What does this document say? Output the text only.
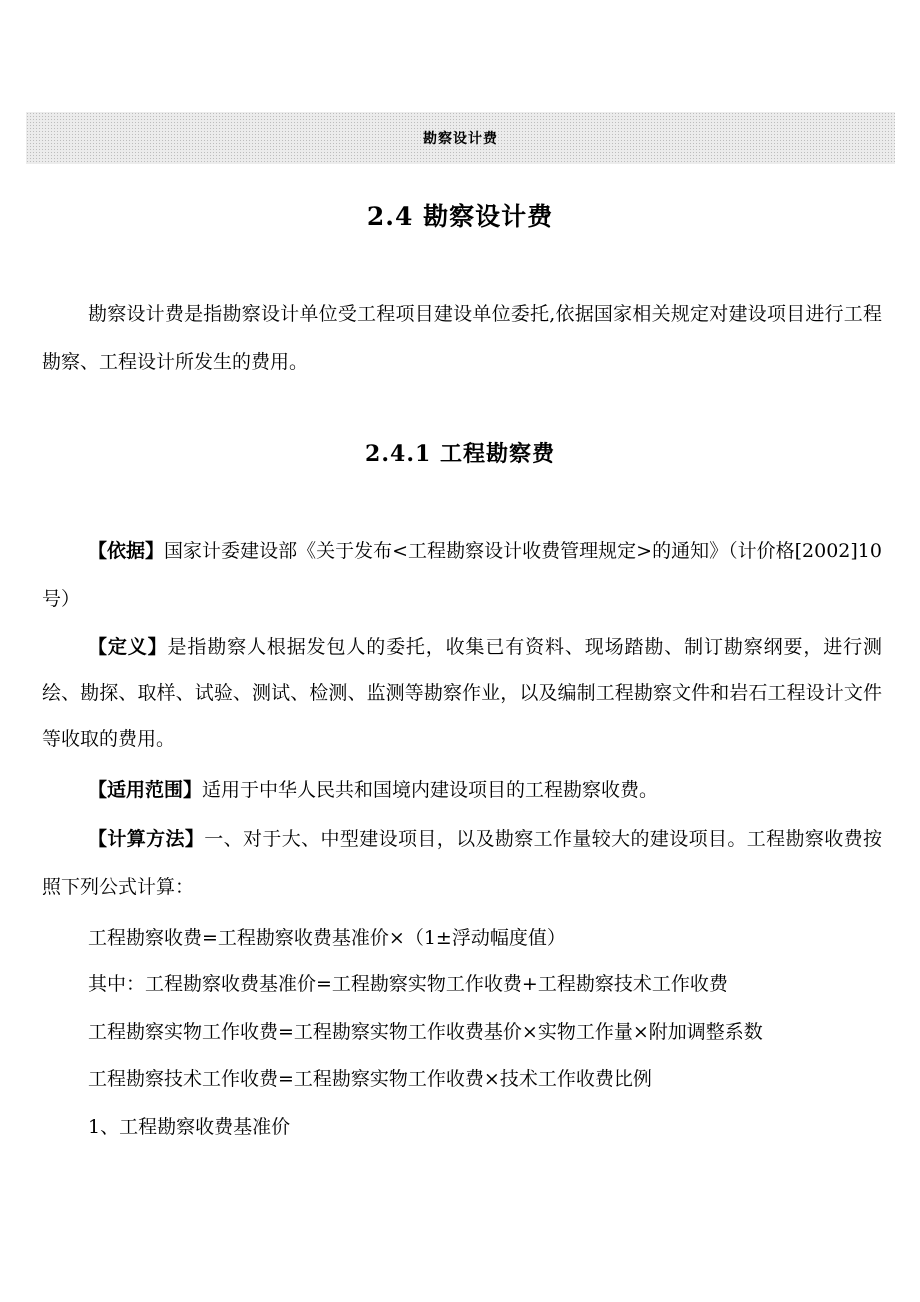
勘察设计费
2.4 勘察设计费
勘察设计费是指勘察设计单位受工程项目建设单位委托,依据国家相关规定对建设项目进行工程勘察、工程设计所发生的费用。
2.4.1 工程勘察费
【依据】国家计委建设部《关于发布<工程勘察设计收费管理规定>的通知》（计价格[2002]10 号）
【定义】是指勘察人根据发包人的委托，收集已有资料、现场踏勘、制订勘察纲要，进行测绘、勘探、取样、试验、测试、检测、监测等勘察作业，以及编制工程勘察文件和岩石工程设计文件等收取的费用。
【适用范围】适用于中华人民共和国境内建设项目的工程勘察收费。
【计算方法】一、对于大、中型建设项目，以及勘察工作量较大的建设项目。工程勘察收费按照下列公式计算：
工程勘察收费=工程勘察收费基准价×（1±浮动幅度值）
其中：工程勘察收费基准价=工程勘察实物工作收费+工程勘察技术工作收费
工程勘察实物工作收费=工程勘察实物工作收费基价×实物工作量×附加调整系数
工程勘察技术工作收费=工程勘察实物工作收费×技术工作收费比例
1、工程勘察收费基准价
